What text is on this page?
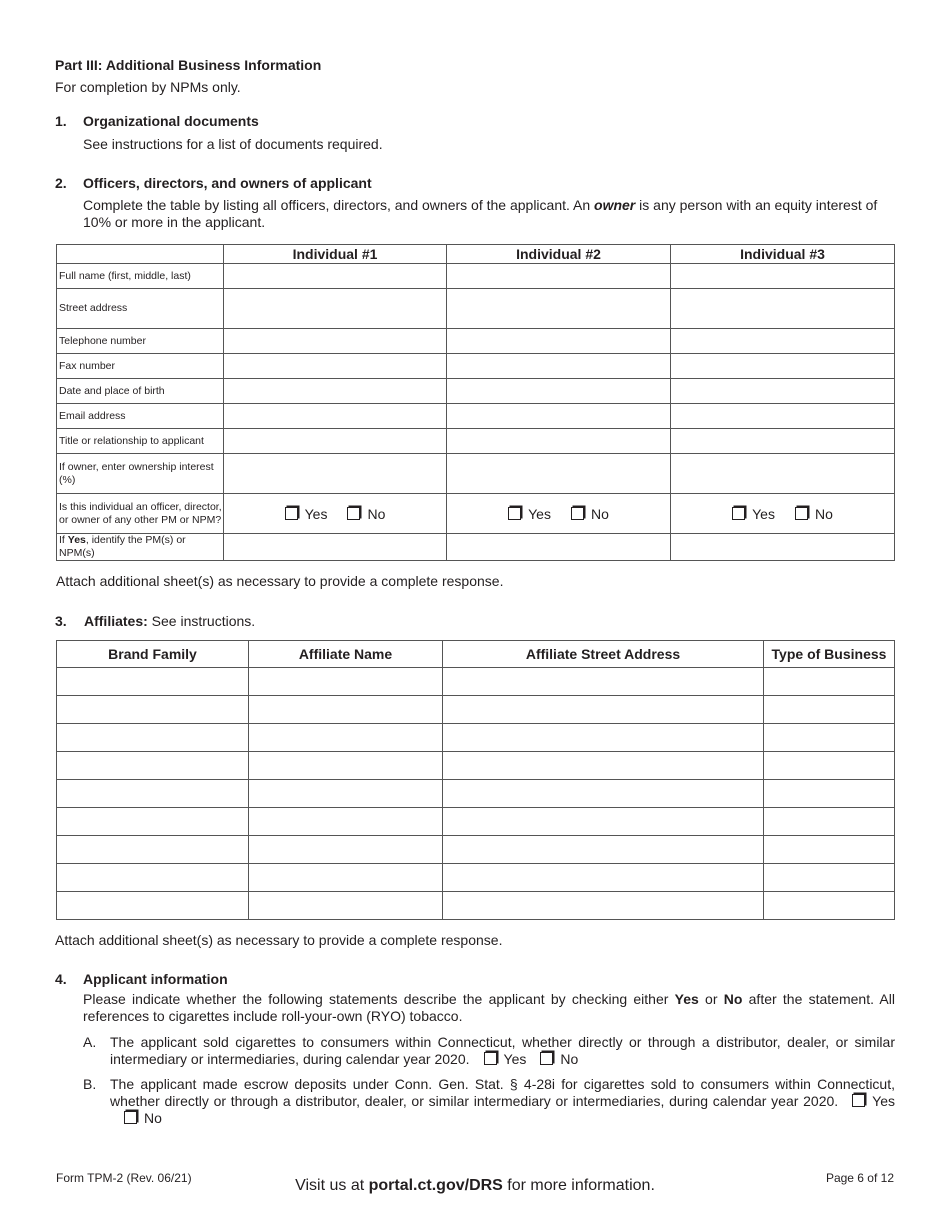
Part III: Additional Business Information
For completion by NPMs only.
1. Organizational documents
See instructions for a list of documents required.
2. Officers, directors, and owners of applicant
Complete the table by listing all officers, directors, and owners of the applicant. An owner is any person with an equity interest of 10% or more in the applicant.
	Individual #1	Individual #2	Individual #3
Full name (first, middle, last)			
Street address			
Telephone number			
Fax number			
Date and place of birth			
Email address			
Title or relationship to applicant			
If owner, enter ownership interest (%)			
Is this individual an officer, director, or owner of any other PM or NPM?	Yes No	Yes No	Yes No
If Yes, identify the PM(s) or NPM(s)			
Attach additional sheet(s) as necessary to provide a complete response.
3. Affiliates: See instructions.
Brand Family	Affiliate Name	Affiliate Street Address	Type of Business

Attach additional sheet(s) as necessary to provide a complete response.
4. Applicant information
Please indicate whether the following statements describe the applicant by checking either Yes or No after the statement. All references to cigarettes include roll-your-own (RYO) tobacco.
A. The applicant sold cigarettes to consumers within Connecticut, whether directly or through a distributor, dealer, or similar intermediary or intermediaries, during calendar year 2020. Yes No
B. The applicant made escrow deposits under Conn. Gen. Stat. § 4-28i for cigarettes sold to consumers within Connecticut, whether directly or through a distributor, dealer, or similar intermediary or intermediaries, during calendar year 2020. YesNo
Form TPM-2 (Rev. 06/21)	Visit us at portal.ct.gov/DRS for more information.	Page 6 of 12
